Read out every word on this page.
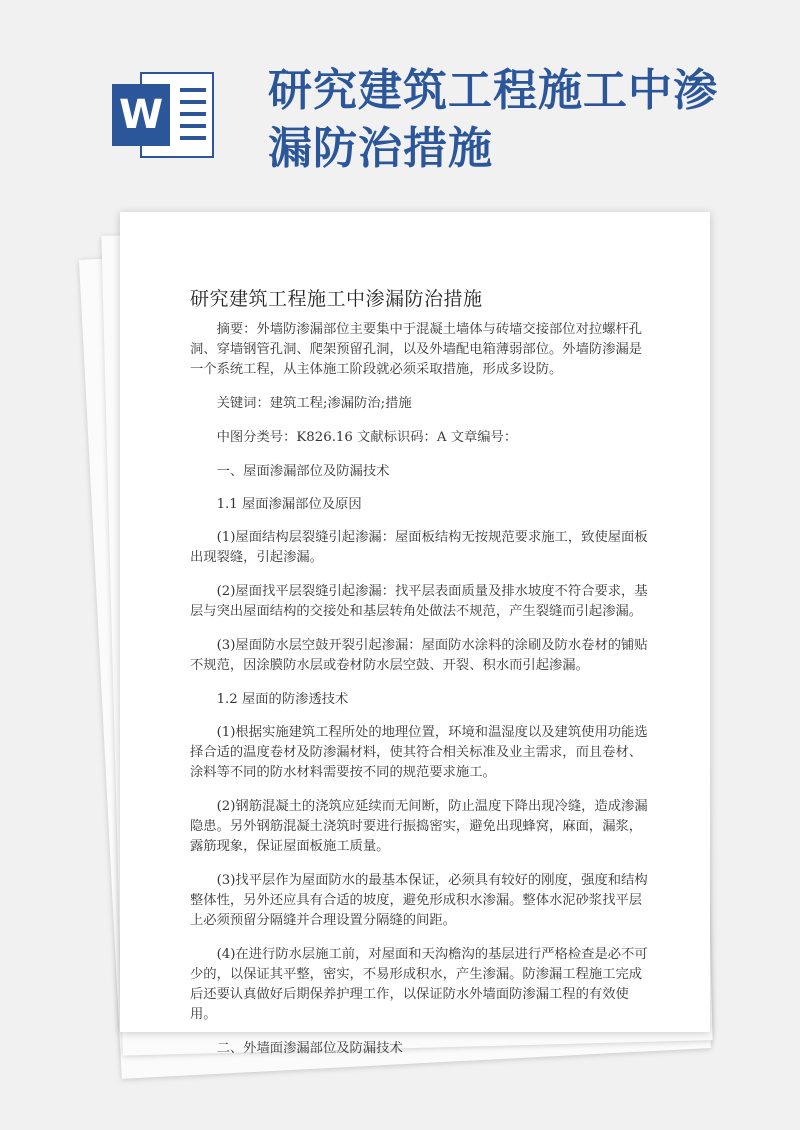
W 研究建筑工程施工中渗漏防治措施
研究建筑工程施工中渗漏防治措施

摘要：外墙防渗漏部位主要集中于混凝土墙体与砖墙交接部位对拉螺杆孔洞、穿墙钢管孔洞、爬架预留孔洞，以及外墙配电箱薄弱部位。外墙防渗漏是一个系统工程，从主体施工阶段就必须采取措施，形成多设防。

关键词：建筑工程;渗漏防治;措施

中图分类号：K826.16 文献标识码：A 文章编号：

一、屋面渗漏部位及防漏技术

1.1 屋面渗漏部位及原因

(1)屋面结构层裂缝引起渗漏：屋面板结构无按规范要求施工，致使屋面板出现裂缝，引起渗漏。

(2)屋面找平层裂缝引起渗漏：找平层表面质量及排水坡度不符合要求，基层与突出屋面结构的交接处和基层转角处做法不规范，产生裂缝而引起渗漏。

(3)屋面防水层空鼓开裂引起渗漏：屋面防水涂料的涂刷及防水卷材的铺贴不规范，因涂膜防水层或卷材防水层空鼓、开裂、积水而引起渗漏。

1.2 屋面的防渗透技术

(1)根据实施建筑工程所处的地理位置，环境和温湿度以及建筑使用功能选择合适的温度卷材及防渗漏材料，使其符合相关标准及业主需求，而且卷材、涂料等不同的防水材料需要按不同的规范要求施工。

(2)钢筋混凝土的浇筑应延续而无间断，防止温度下降出现冷缝，造成渗漏隐患。另外钢筋混凝土浇筑时要进行振捣密实，避免出现蜂窝，麻面，漏浆，露筋现象，保证屋面板施工质量。

(3)找平层作为屋面防水的最基本保证，必须具有较好的刚度，强度和结构整体性，另外还应具有合适的坡度，避免形成积水渗漏。整体水泥砂浆找平层上必须预留分隔缝并合理设置分隔缝的间距。

(4)在进行防水层施工前，对屋面和天沟檐沟的基层进行严格检查是必不可少的，以保证其平整，密实，不易形成积水，产生渗漏。防渗漏工程施工完成后还要认真做好后期保养护理工作，以保证防水外墙面防渗漏工程的有效使用。

二、外墙面渗漏部位及防漏技术
